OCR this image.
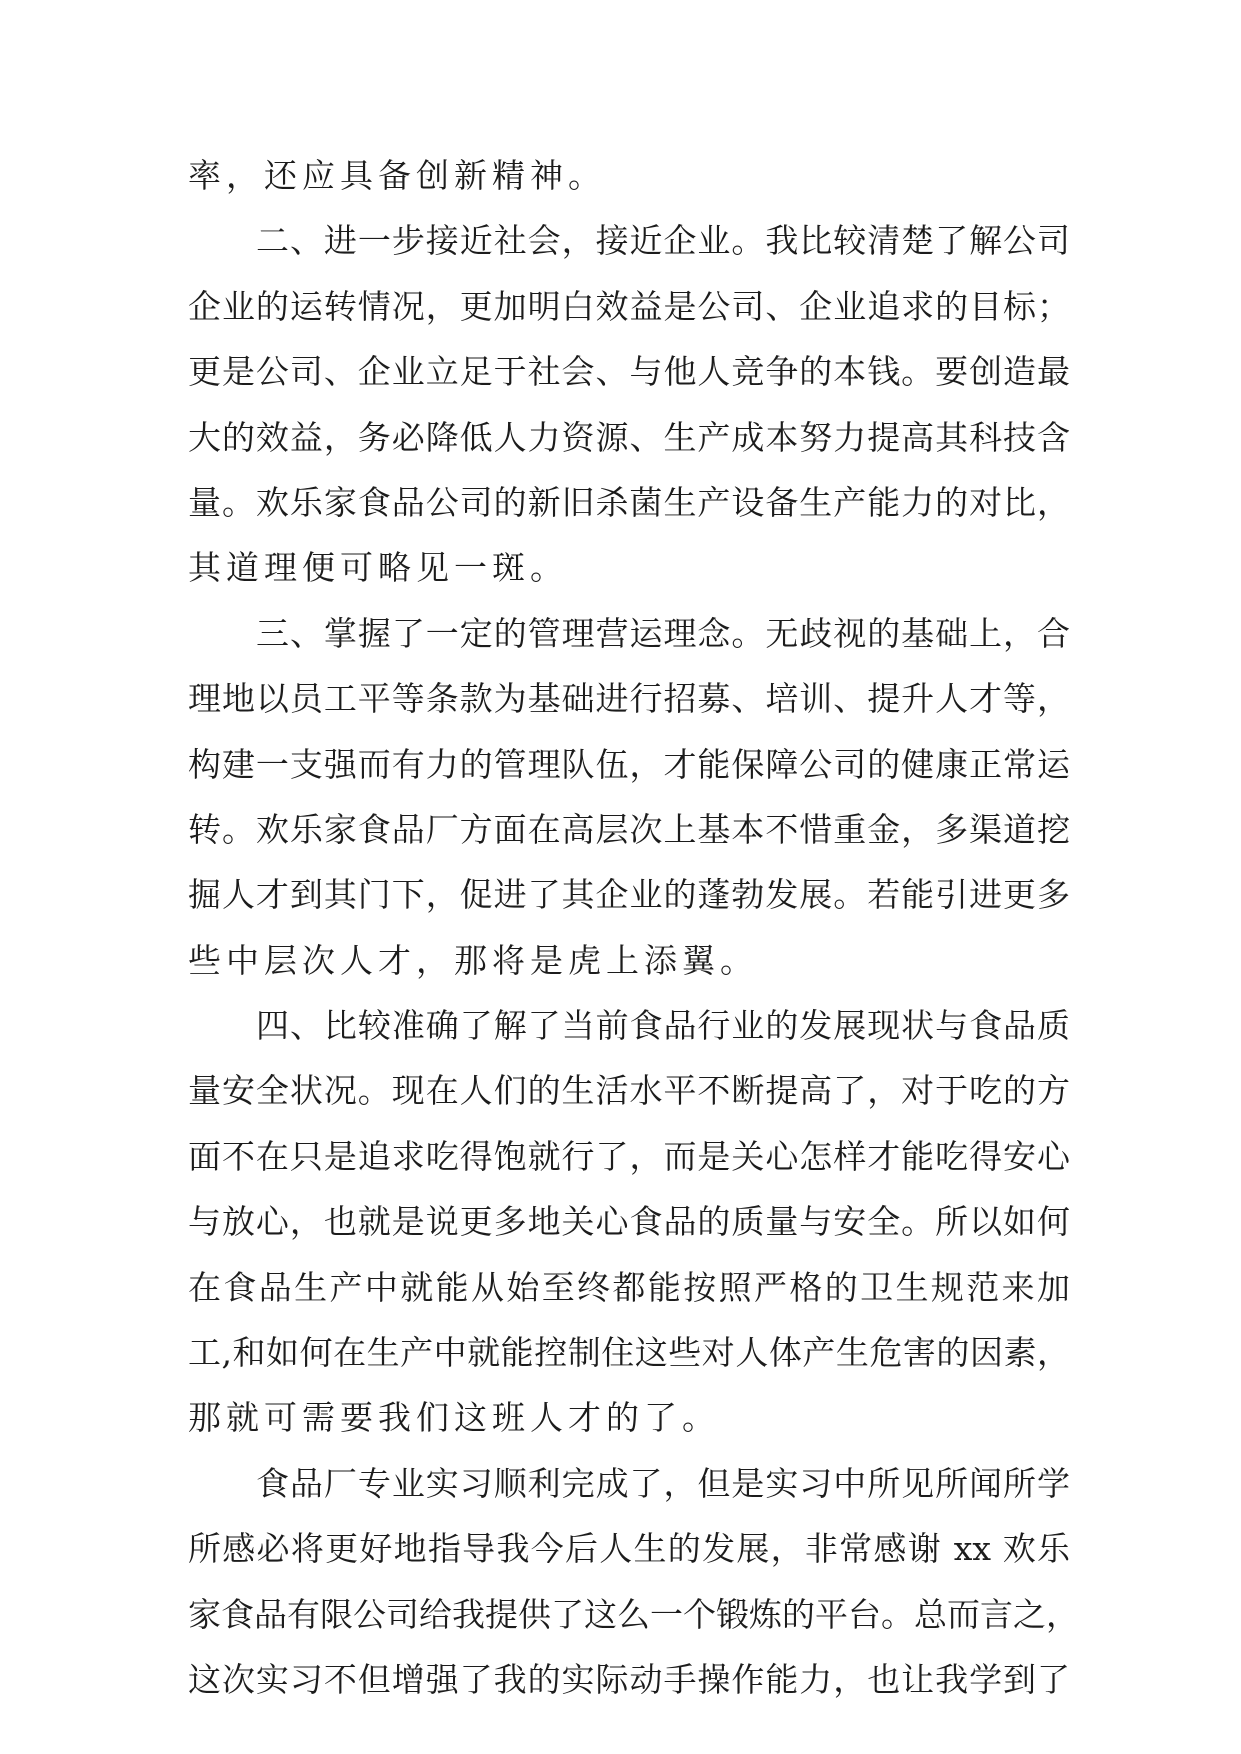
率，还应具备创新精神。
二、进一步接近社会，接近企业。我比较清楚了解公司
企业的运转情况，更加明白效益是公司、企业追求的目标；
更是公司、企业立足于社会、与他人竞争的本钱。要创造最
大的效益，务必降低人力资源、生产成本努力提高其科技含
量。欢乐家食品公司的新旧杀菌生产设备生产能力的对比，
其道理便可略见一斑。
三、掌握了一定的管理营运理念。无歧视的基础上，合
理地以员工平等条款为基础进行招募、培训、提升人才等，
构建一支强而有力的管理队伍，才能保障公司的健康正常运
转。欢乐家食品厂方面在高层次上基本不惜重金，多渠道挖
掘人才到其门下，促进了其企业的蓬勃发展。若能引进更多
些中层次人才，那将是虎上添翼。
四、比较准确了解了当前食品行业的发展现状与食品质
量安全状况。现在人们的生活水平不断提高了，对于吃的方
面不在只是追求吃得饱就行了，而是关心怎样才能吃得安心
与放心，也就是说更多地关心食品的质量与安全。所以如何
在食品生产中就能从始至终都能按照严格的卫生规范来加
工,和如何在生产中就能控制住这些对人体产生危害的因素，
那就可需要我们这班人才的了。
食品厂专业实习顺利完成了，但是实习中所见所闻所学
所感必将更好地指导我今后人生的发展，非常感谢 xx 欢乐
家食品有限公司给我提供了这么一个锻炼的平台。总而言之，
这次实习不但增强了我的实际动手操作能力，也让我学到了
